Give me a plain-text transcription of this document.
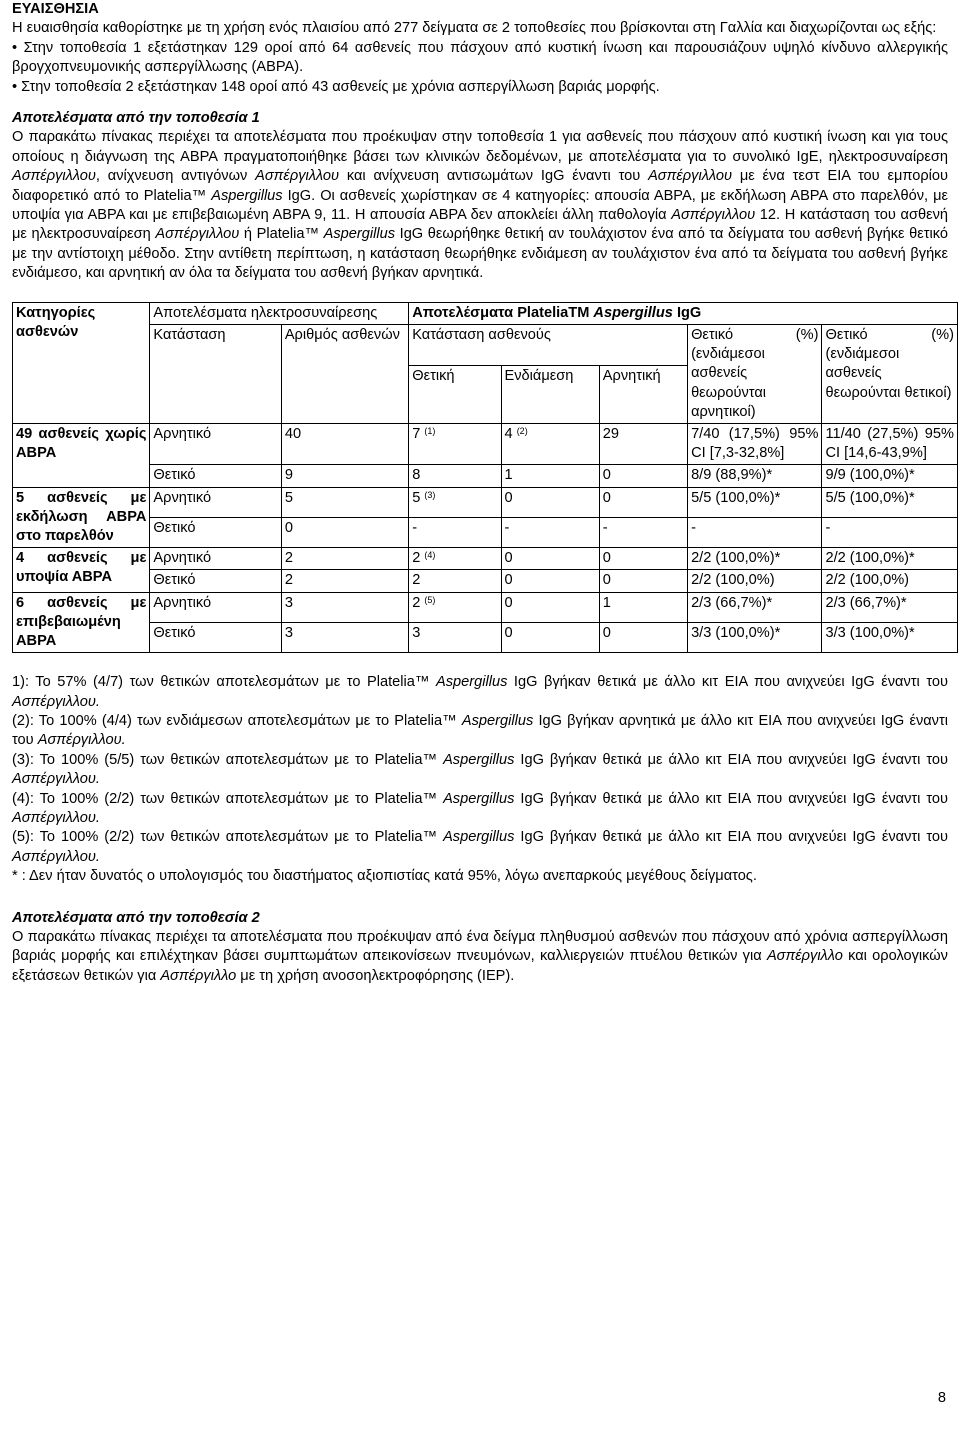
ΕΥΑΙΣΘΗΣΙΑ

Η ευαισθησία καθορίστηκε με τη χρήση ενός πλαισίου από 277 δείγματα σε 2 τοποθεσίες που βρίσκονται στη Γαλλία και διαχωρίζονται ως εξής:

• Στην τοποθεσία 1 εξετάστηκαν 129 οροί από 64 ασθενείς που πάσχουν από κυστική ίνωση και παρουσιάζουν υψηλό κίνδυνο αλλεργικής βρογχοπνευμονικής ασπεργίλλωσης (ΑΒΡΑ).

• Στην τοποθεσία 2 εξετάστηκαν 148 οροί από 43 ασθενείς με χρόνια ασπεργίλλωση βαριάς μορφής.

Αποτελέσματα από την τοποθεσία 1

Ο παρακάτω πίνακας περιέχει τα αποτελέσματα που προέκυψαν στην τοποθεσία 1 για ασθενείς που πάσχουν από κυστική ίνωση και για τους οποίους η διάγνωση της ΑΒΡΑ πραγματοποιήθηκε βάσει των κλινικών δεδομένων, με αποτελέσματα για το συνολικό IgE, ηλεκτροσυναίρεση Ασπέργιλλου, ανίχνευση αντιγόνων Ασπέργιλλου και ανίχνευση αντισωμάτων IgG έναντι του Ασπέργιλλου με ένα τεστ EIA του εμπορίου διαφορετικό από το Platelia™ Aspergillus IgG. Οι ασθενείς χωρίστηκαν σε 4 κατηγορίες: απουσία ΑΒΡΑ, με εκδήλωση ΑΒΡΑ στο παρελθόν, με υποψία για ΑΒΡΑ και με επιβεβαιωμένη ΑΒΡΑ 9, 11. Η απουσία ΑΒΡΑ δεν αποκλείει άλλη παθολογία Ασπέργιλλου 12. Η κατάσταση του ασθενή με ηλεκτροσυναίρεση Ασπέργιλλου ή Platelia™ Aspergillus IgG θεωρήθηκε θετική αν τουλάχιστον ένα από τα δείγματα του ασθενή βγήκε θετικό με την αντίστοιχη μέθοδο. Στην αντίθετη περίπτωση, η κατάσταση θεωρήθηκε ενδιάμεση αν τουλάχιστον ένα από τα δείγματα του ασθενή βγήκε ενδιάμεσο, και αρνητική αν όλα τα δείγματα του ασθενή βγήκαν αρνητικά.

Κατηγορίες ασθενών	Αποτελέσματα ηλεκτροσυναίρεσης		Αποτελέσματα PlateliaTM Aspergillus IgG				
	Κατάσταση	Αριθμός ασθενών	Κατάσταση ασθενούς			Θετικό (%) (ενδιάμεσοι ασθενείς θεωρούνται αρνητικοί)	Θετικό (%) (ενδιάμεσοι ασθενείς θεωρούνται θετικοί)
			Θετική	Ενδιάμεση	Αρνητική		
49 ασθενείς χωρίς ΑΒΡΑ	Αρνητικό	40	7 $^{(1)}$	4 $^{(2)}$	29	7/40 (17,5%) 95% CI [7,3-32,8%]	11/40 (27,5%) 95% CI [14,6-43,9%]
	Θετικό	9	8	1	0	8/9 (88,9%)*	9/9 (100,0%)*
5 ασθενείς με εκδήλωση ΑΒΡΑ στο παρελθόν	Αρνητικό	5	5 $^{(3)}$	0	0	5/5 (100,0%)*	5/5 (100,0%)*
	Θετικό	0	-	-	-	-	-
4 ασθενείς με υποψία ΑΒΡΑ	Αρνητικό	2	2 $^{(4)}$	0	0	2/2 (100,0%)*	2/2 (100,0%)*
	Θετικό	2	2	0	0	2/2 (100,0%)	2/2 (100,0%)
6 ασθενείς με επιβεβαιωμένη ΑΒΡΑ	Αρνητικό	3	2 $^{(5)}$	0	1	2/3 (66,7%)*	2/3 (66,7%)*
	Θετικό	3	3	0	0	3/3 (100,0%)*	3/3 (100,0%)*

1): Το 57% (4/7) των θετικών αποτελεσμάτων με το Platelia™ Aspergillus IgG βγήκαν θετικά με άλλο κιτ EIA που ανιχνεύει IgG έναντι του Ασπέργιλλου.

(2): Το 100% (4/4) των ενδιάμεσων αποτελεσμάτων με το Platelia™ Aspergillus IgG βγήκαν αρνητικά με άλλο κιτ EIA που ανιχνεύει IgG έναντι του Ασπέργιλλου.

(3): Το 100% (5/5) των θετικών αποτελεσμάτων με το Platelia™ Aspergillus IgG βγήκαν θετικά με άλλο κιτ EIA που ανιχνεύει IgG έναντι του Ασπέργιλλου.

(4): Το 100% (2/2) των θετικών αποτελεσμάτων με το Platelia™ Aspergillus IgG βγήκαν θετικά με άλλο κιτ EIA που ανιχνεύει IgG έναντι του Ασπέργιλλου.

(5): Το 100% (2/2) των θετικών αποτελεσμάτων με το Platelia™ Aspergillus IgG βγήκαν θετικά με άλλο κιτ EIA που ανιχνεύει IgG έναντι του Ασπέργιλλου.

* : Δεν ήταν δυνατός ο υπολογισμός του διαστήματος αξιοπιστίας κατά 95%, λόγω ανεπαρκούς μεγέθους δείγματος.

Αποτελέσματα από την τοποθεσία 2

Ο παρακάτω πίνακας περιέχει τα αποτελέσματα που προέκυψαν από ένα δείγμα πληθυσμού ασθενών που πάσχουν από χρόνια ασπεργίλλωση βαριάς μορφής και επιλέχτηκαν βάσει συμπτωμάτων απεικονίσεων πνευμόνων, καλλιεργειών πτυέλου θετικών για Ασπέργιλλο και ορολογικών εξετάσεων θετικών για Ασπέργιλλο με τη χρήση ανοσοηλεκτροφόρησης (IEP).

8
